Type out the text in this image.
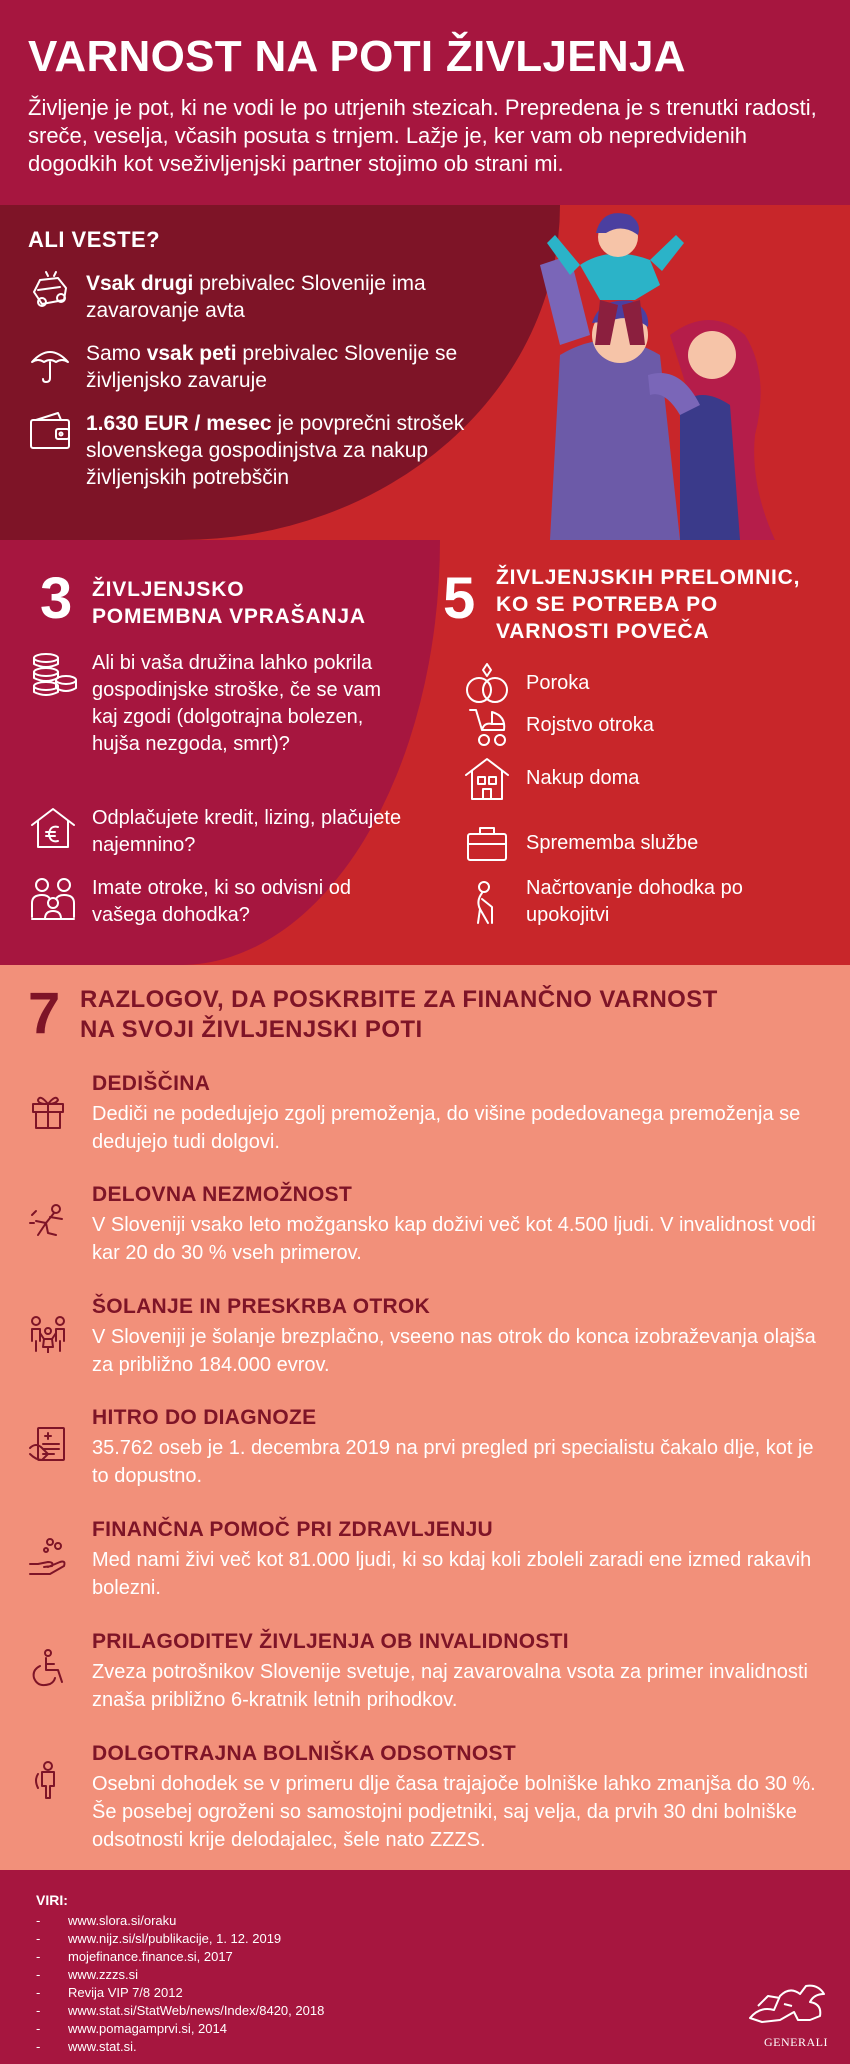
VARNOST NA POTI ŽIVLJENJA
Življenje je pot, ki ne vodi le po utrjenih stezicah. Prepredena je s trenutki radosti, sreče, veselja, včasih posuta s trnjem. Lažje je, ker vam ob nepredvidenih dogodkih kot vseživljenjski partner stojimo ob strani mi.
ALI VESTE?
Vsak drugi prebivalec Slovenije ima zavarovanje avta
Samo vsak peti prebivalec Slovenije se življenjsko zavaruje
1.630 EUR / mesec je povprečni strošek slovenskega gospodinjstva za nakup življenjskih potrebščin
3 ŽIVLJENJSKO
POMEMBNA VPRAŠANJA
Ali bi vaša družina lahko pokrila gospodinjske stroške, če se vam kaj zgodi (dolgotrajna bolezen, hujša nezgoda, smrt)?
Odplačujete kredit, lizing, plačujete najemnino?
Imate otroke, ki so odvisni od vašega dohodka?
5 ŽIVLJENJSKIH PRELOMNIC,
KO SE POTREBA PO
VARNOSTI POVEČA
Poroka
Rojstvo otroka
Nakup doma
Sprememba službe
Načrtovanje dohodka po upokojitvi
7 RAZLOGOV, DA POSKRBITE ZA FINANČNO VARNOST
NA SVOJI ŽIVLJENJSKI POTI
DEDIŠČINA
Dediči ne podedujejo zgolj premoženja, do višine podedovanega premoženja se dedujejo tudi dolgovi.
DELOVNA NEZMOŽNOST
V Sloveniji vsako leto možgansko kap doživi več kot 4.500 ljudi. V invalidnost vodi kar 20 do 30 % vseh primerov.
ŠOLANJE IN PRESKRBA OTROK
V Sloveniji je šolanje brezplačno, vseeno nas otrok do konca izobraževanja olajša za približno 184.000 evrov.
HITRO DO DIAGNOZE
35.762 oseb je 1. decembra 2019 na prvi pregled pri specialistu čakalo dlje, kot je to dopustno.
FINANČNA POMOČ PRI ZDRAVLJENJU
Med nami živi več kot 81.000 ljudi, ki so kdaj koli zboleli zaradi ene izmed rakavih bolezni.
PRILAGODITEV ŽIVLJENJA OB INVALIDNOSTI
Zveza potrošnikov Slovenije svetuje, naj zavarovalna vsota za primer invalidnosti znaša približno 6-kratnik letnih prihodkov.
DOLGOTRAJNA BOLNIŠKA ODSOTNOST
Osebni dohodek se v primeru dlje časa trajajoče bolniške lahko zmanjša do 30 %. Še posebej ogroženi so samostojni podjetniki, saj velja, da prvih 30 dni bolniške odsotnosti krije delodajalec, šele nato ZZZS.
VIRI:
-	www.slora.si/oraku
-	www.nijz.si/sl/publikacije, 1. 12. 2019
-	mojefinance.finance.si, 2017
-	www.zzzs.si
-	Revija VIP 7/8 2012
-	www.stat.si/StatWeb/news/Index/8420, 2018
-	www.pomagamprvi.si, 2014
-	www.stat.si.	GENERALI
